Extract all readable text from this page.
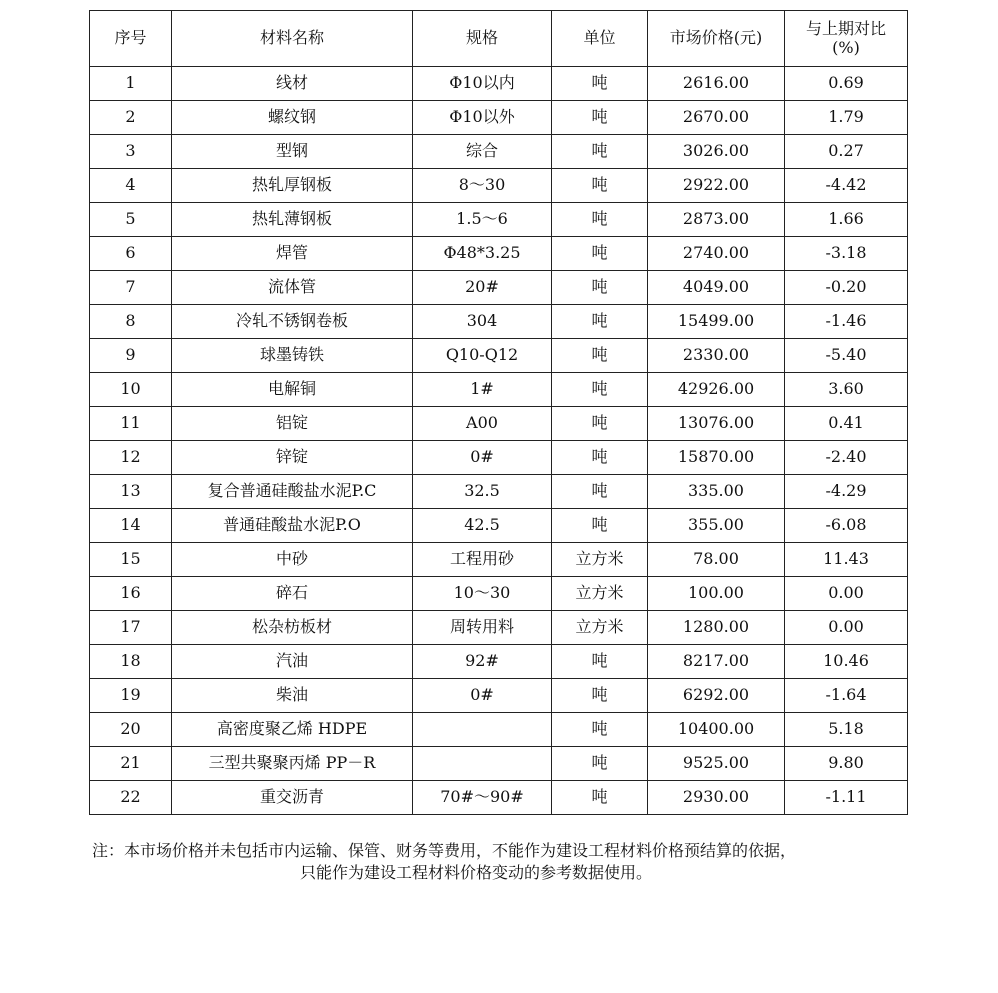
序号	材料名称	规格	单位	市场价格(元)	与上期对比
(%)
1	线材	Φ10以内	吨	2616.00	0.69
2	螺纹钢	Φ10以外	吨	2670.00	1.79
3	型钢	综合	吨	3026.00	0.27
4	热轧厚钢板	8～30	吨	2922.00	-4.42
5	热轧薄钢板	1.5～6	吨	2873.00	1.66
6	焊管	Φ48*3.25	吨	2740.00	-3.18
7	流体管	20#	吨	4049.00	-0.20
8	冷轧不锈钢卷板	304	吨	15499.00	-1.46
9	球墨铸铁	Q10-Q12	吨	2330.00	-5.40
10	电解铜	1#	吨	42926.00	3.60
11	铝锭	A00	吨	13076.00	0.41
12	锌锭	0#	吨	15870.00	-2.40
13	复合普通硅酸盐水泥P.C	32.5	吨	335.00	-4.29
14	普通硅酸盐水泥P.O	42.5	吨	355.00	-6.08
15	中砂	工程用砂	立方米	78.00	11.43
16	碎石	10～30	立方米	100.00	0.00
17	松杂枋板材	周转用料	立方米	1280.00	0.00
18	汽油	92#	吨	8217.00	10.46
19	柴油	0#	吨	6292.00	-1.64
20	高密度聚乙烯 HDPE		吨	10400.00	5.18
21	三型共聚聚丙烯 PP－R		吨	9525.00	9.80
22	重交沥青	70#～90#	吨	2930.00	-1.11
注：本市场价格并未包括市内运输、保管、财务等费用，不能作为建设工程材料价格预结算的依据，
只能作为建设工程材料价格变动的参考数据使用。
